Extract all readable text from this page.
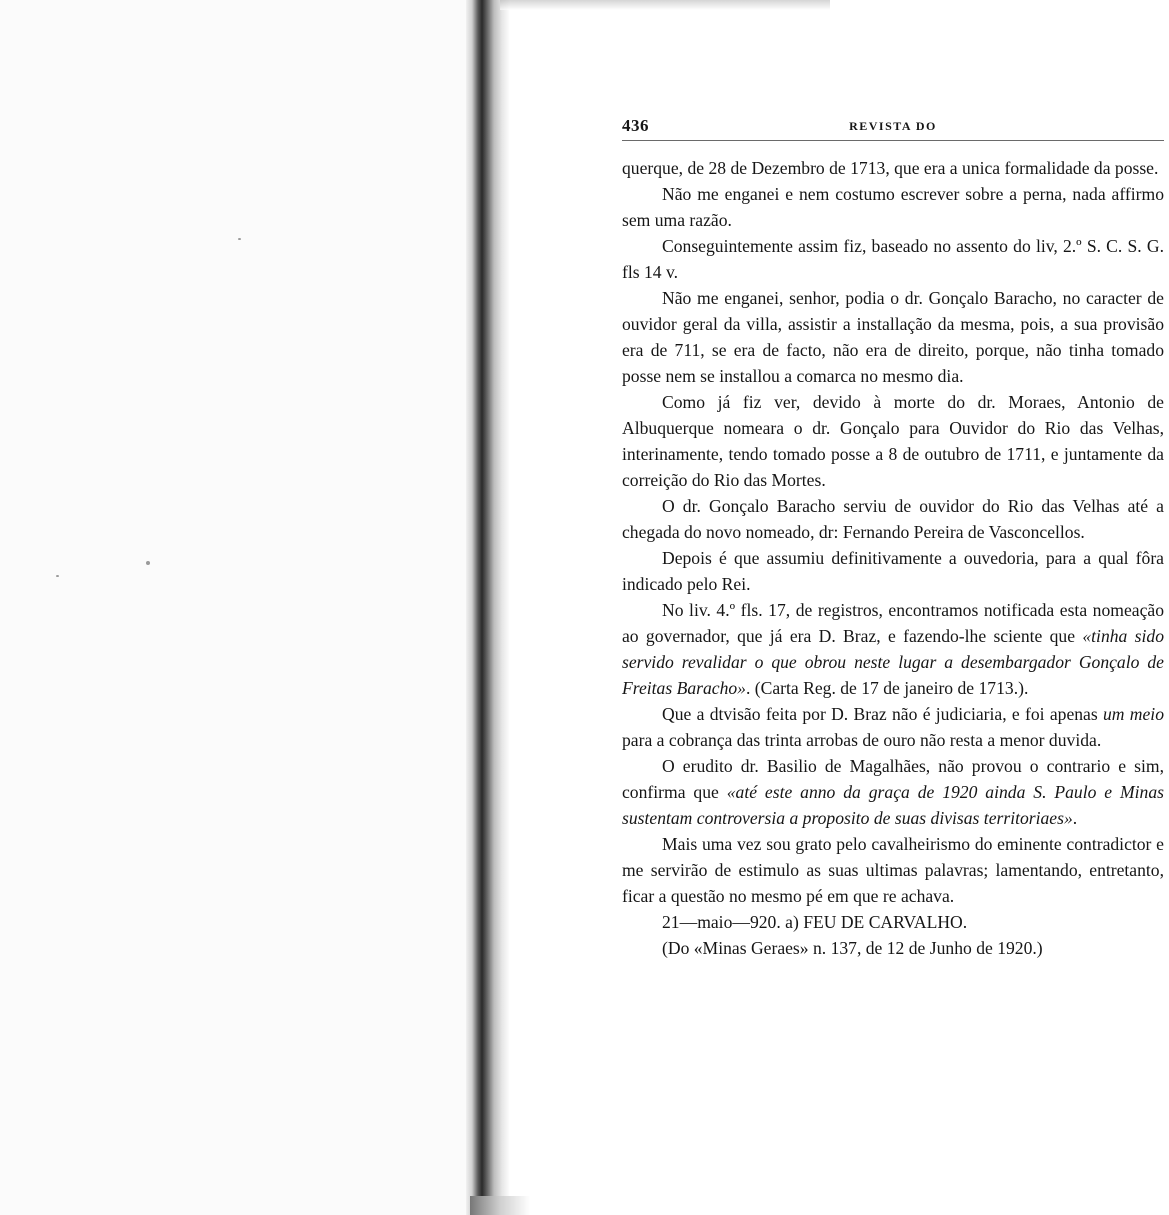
436	REVISTA DO

querque, de 28 de Dezembro de 1713, que era a unica formalidade da posse.

Não me enganei e nem costumo escrever sobre a perna, nada affirmo sem uma razão.

Conseguintemente assim fiz, baseado no assento do liv, 2.º S. C. S. G. fls 14 v.

Não me enganei, senhor, podia o dr. Gonçalo Baracho, no caracter de ouvidor geral da villa, assistir a installação da mesma, pois, a sua provisão era de 711, se era de facto, não era de direito, porque, não tinha tomado posse nem se installou a comarca no mesmo dia.

Como já fiz ver, devido à morte do dr. Moraes, Antonio de Albuquerque nomeara o dr. Gonçalo para Ouvidor do Rio das Velhas, interinamente, tendo tomado posse a 8 de outubro de 1711, e juntamente da correição do Rio das Mortes.

O dr. Gonçalo Baracho serviu de ouvidor do Rio das Velhas até a chegada do novo nomeado, dr: Fernando Pereira de Vasconcellos.

Depois é que assumiu definitivamente a ouvedoria, para a qual fôra indicado pelo Rei.

No liv. 4.º fls. 17, de registros, encontramos notificada esta nomeação ao governador, que já era D. Braz, e fazendo-lhe sciente que «tinha sido servido revalidar o que obrou neste lugar a desembargador Gonçalo de Freitas Baracho». (Carta Reg. de 17 de janeiro de 1713.).

Que a dtvisão feita por D. Braz não é judiciaria, e foi apenas um meio para a cobrança das trinta arrobas de ouro não resta a menor duvida.

O erudito dr. Basilio de Magalhães, não provou o contrario e sim, confirma que «até este anno da graça de 1920 ainda S. Paulo e Minas sustentam controversia a proposito de suas divisas territoriaes».

Mais uma vez sou grato pelo cavalheirismo do eminente contradictor e me servirão de estimulo as suas ultimas palavras; lamentando, entretanto, ficar a questão no mesmo pé em que re achava.

21—maio—920. a) FEU DE CARVALHO.

(Do «Minas Geraes» n. 137, de 12 de Junho de 1920.)
